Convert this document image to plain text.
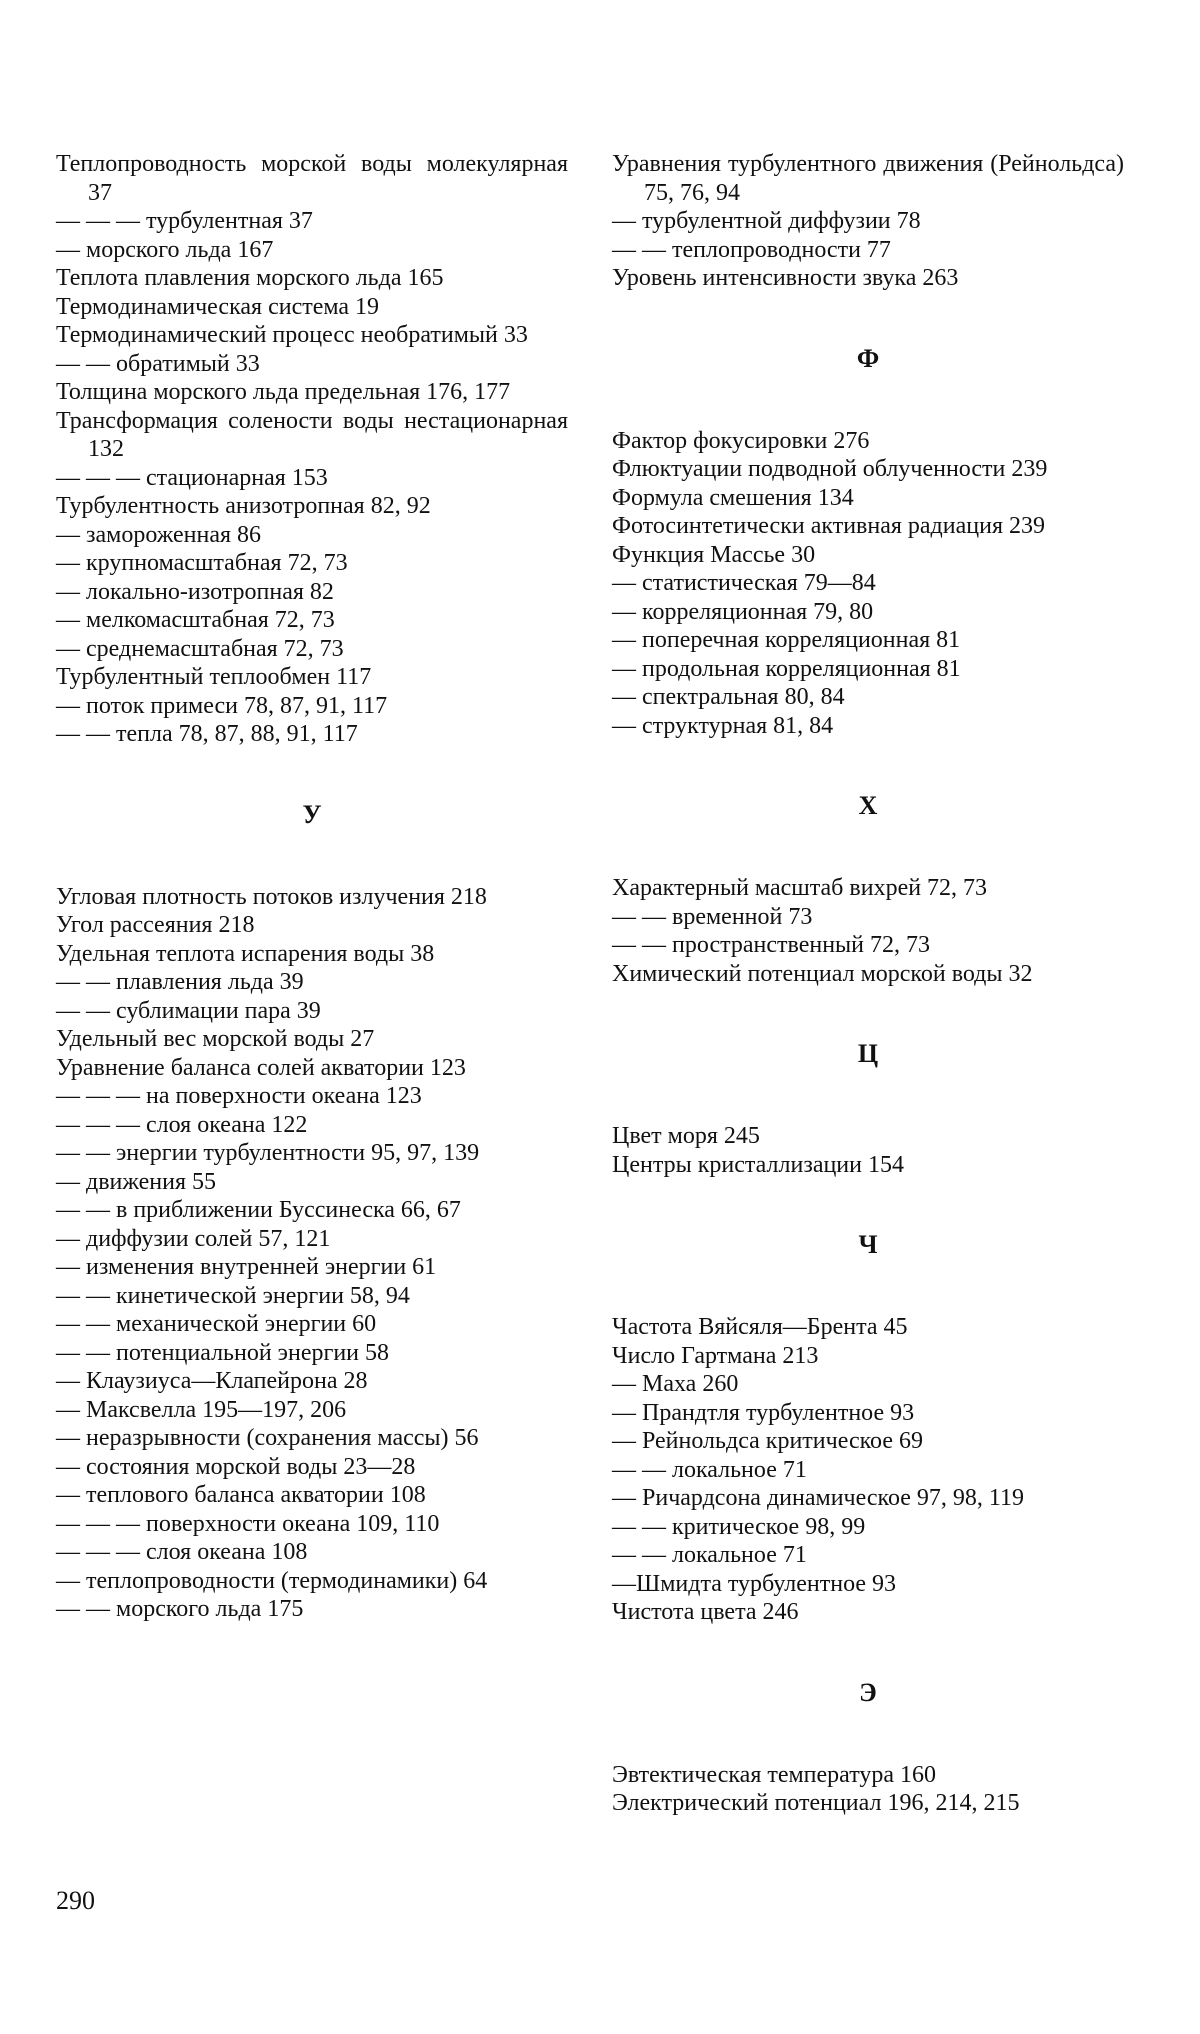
Теплопроводность морской воды молекулярная 37

— — — турбулентная 37

— морского льда 167

Теплота плавления морского льда 165

Термодинамическая система 19

Термодинамический процесс необратимый 33

— — обратимый 33

Толщина морского льда предельная 176, 177

Трансформация солености воды нестационарная 132

— — — стационарная 153

Турбулентность анизотропная 82, 92

— замороженная 86

— крупномасштабная 72, 73

— локально-изотропная 82

— мелкомасштабная 72, 73

— среднемасштабная 72, 73

Турбулентный теплообмен 117

— поток примеси 78, 87, 91, 117

— — тепла 78, 87, 88, 91, 117

У

Угловая плотность потоков излучения 218

Угол рассеяния 218

Удельная теплота испарения воды 38

— — плавления льда 39

— — сублимации пара 39

Удельный вес морской воды 27

Уравнение баланса солей акватории 123

— — — на поверхности океана 123

— — — слоя океана 122

— — энергии турбулентности 95, 97, 139

— движения 55

— — в приближении Буссинеска 66, 67

— диффузии солей 57, 121

— изменения внутренней энергии 61

— — кинетической энергии 58, 94

— — механической энергии 60

— — потенциальной энергии 58

— Клаузиуса—Клапейрона 28

— Максвелла 195—197, 206

— неразрывности (сохранения массы) 56

— состояния морской воды 23—28

— теплового баланса акватории 108

— — — поверхности океана 109, 110

— — — слоя океана 108

— теплопроводности (термодинамики) 64

— — морского льда 175

Уравнения турбулентного движения (Рейнольдса) 75, 76, 94

— турбулентной диффузии 78

— — теплопроводности 77

Уровень интенсивности звука 263

Ф

Фактор фокусировки 276

Флюктуации подводной облученности 239

Формула смешения 134

Фотосинтетически активная радиация 239

Функция Массье 30

— статистическая 79—84

— корреляционная 79, 80

— поперечная корреляционная 81

— продольная корреляционная 81

— спектральная 80, 84

— структурная 81, 84

Х

Характерный масштаб вихрей 72, 73

— — временной 73

— — пространственный 72, 73

Химический потенциал морской воды 32

Ц

Цвет моря 245

Центры кристаллизации 154

Ч

Частота Вяйсяля—Брента 45

Число Гартмана 213

— Маха 260

— Прандтля турбулентное 93

— Рейнольдса критическое 69

— — локальное 71

— Ричардсона динамическое 97, 98, 119

— — критическое 98, 99

— — локальное 71

—Шмидта турбулентное 93

Чистота цвета 246

Э

Эвтектическая температура 160

Электрический потенциал 196, 214, 215

290
